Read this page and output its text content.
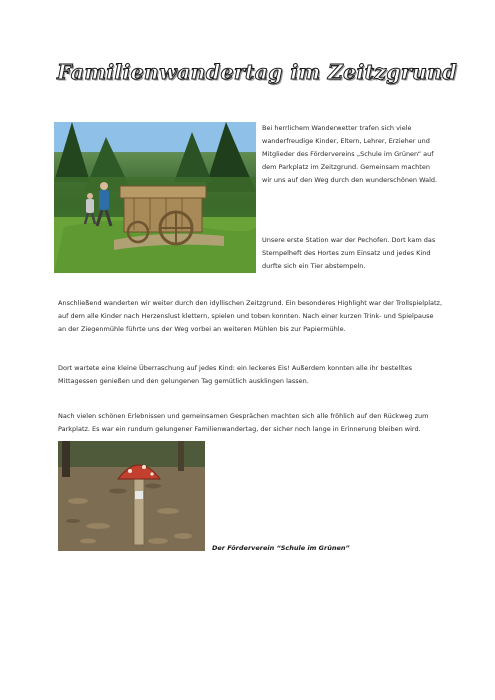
Familienwandertag im Zeitzgrund

Bei herrlichem Wanderwetter trafen sich viele wanderfreudige Kinder, Eltern, Lehrer, Erzieher und Mitglieder des Fördervereins „Schule im Grünen“ auf dem Parkplatz im Zeitzgrund. Gemeinsam machten wir uns auf den Weg durch den wunderschönen Wald.

Unsere erste Station war der Pechofen. Dort kam das Stempelheft des Hortes zum Einsatz und jedes Kind durfte sich ein Tier abstempeln.

Anschließend wanderten wir weiter durch den idyllischen Zeitzgrund. Ein besonderes Highlight war der Trollspielplatz, auf dem alle Kinder nach Herzenslust klettern, spielen und toben konnten. Nach einer kurzen Trink- und Spielpause an der Ziegenmühle führte uns der Weg vorbei an weiteren Mühlen bis zur Papiermühle.

Dort wartete eine kleine Überraschung auf jedes Kind: ein leckeres Eis! Außerdem konnten alle ihr bestelltes Mittagessen genießen und den gelungenen Tag gemütlich ausklingen lassen.

Nach vielen schönen Erlebnissen und gemeinsamen Gesprächen machten sich alle fröhlich auf den Rückweg zum Parkplatz. Es war ein rundum gelungener Familienwandertag, der sicher noch lange in Erinnerung bleiben wird.

Der Förderverein “Schule im Grünen”
